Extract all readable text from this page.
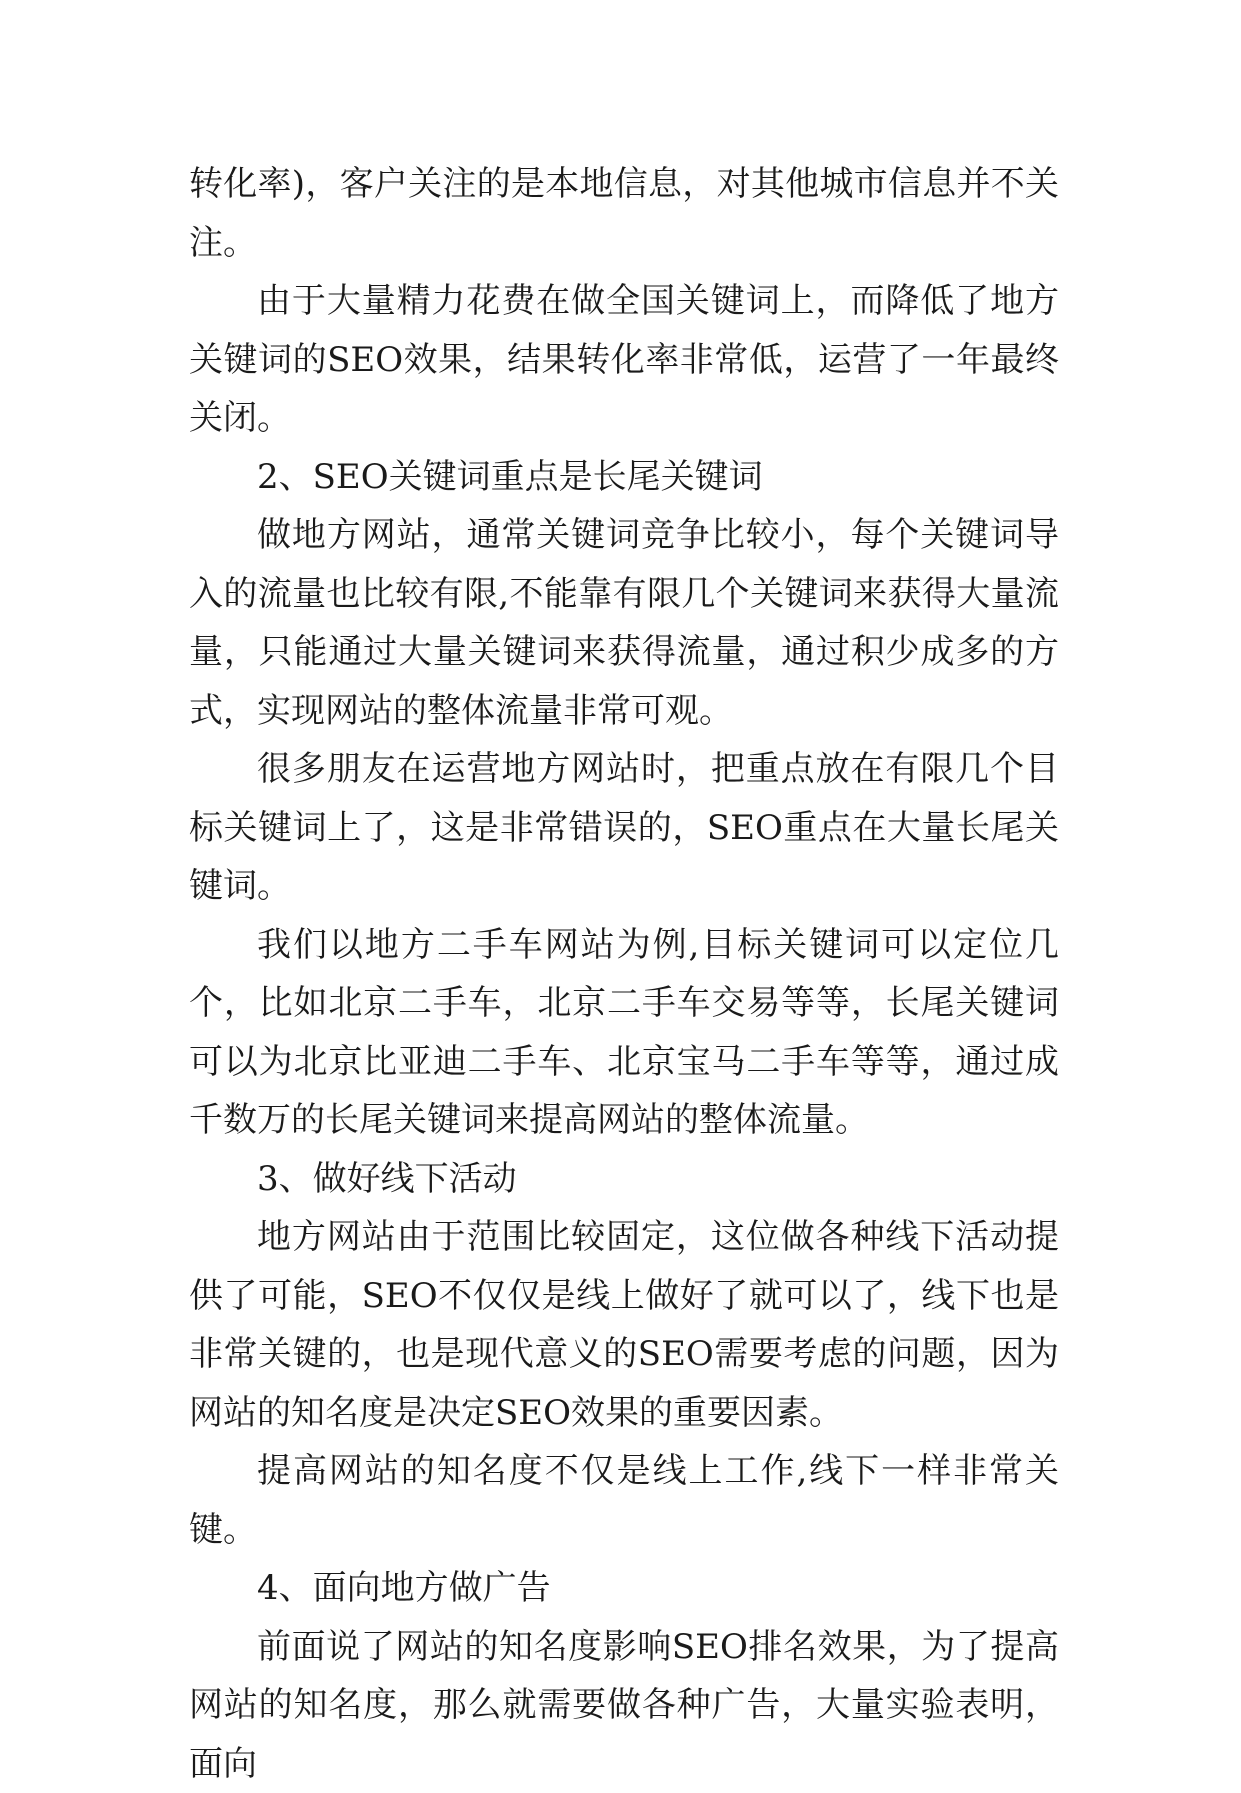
转化率)，客户关注的是本地信息，对其他城市信息并不关注。

由于大量精力花费在做全国关键词上，而降低了地方关键词的SEO效果，结果转化率非常低，运营了一年最终关闭。

2、SEO关键词重点是长尾关键词

做地方网站，通常关键词竞争比较小，每个关键词导入的流量也比较有限,不能靠有限几个关键词来获得大量流量，只能通过大量关键词来获得流量，通过积少成多的方式，实现网站的整体流量非常可观。

很多朋友在运营地方网站时，把重点放在有限几个目标关键词上了，这是非常错误的，SEO重点在大量长尾关键词。

我们以地方二手车网站为例,目标关键词可以定位几个，比如北京二手车，北京二手车交易等等，长尾关键词可以为北京比亚迪二手车、北京宝马二手车等等，通过成千数万的长尾关键词来提高网站的整体流量。

3、做好线下活动

地方网站由于范围比较固定，这位做各种线下活动提供了可能，SEO不仅仅是线上做好了就可以了，线下也是非常关键的，也是现代意义的SEO需要考虑的问题，因为网站的知名度是决定SEO效果的重要因素。

提高网站的知名度不仅是线上工作,线下一样非常关键。

4、面向地方做广告

前面说了网站的知名度影响SEO排名效果，为了提高网站的知名度，那么就需要做各种广告，大量实验表明，面向
